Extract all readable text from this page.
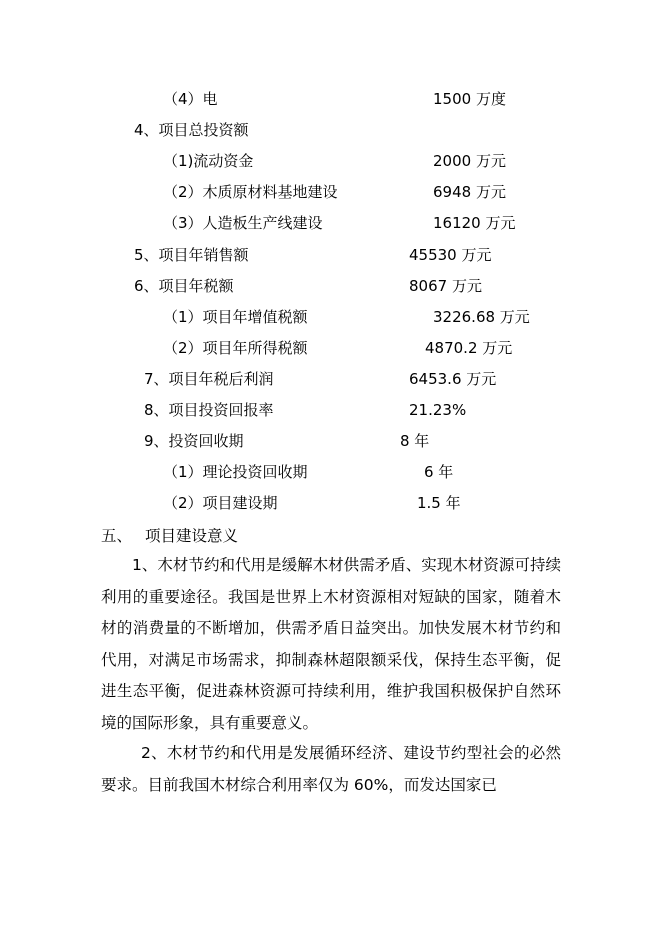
（4）电	1500 万度
4、项目总投资额
（1)流动资金	2000 万元
（2）木质原材料基地建设	6948 万元
（3）人造板生产线建设	16120 万元
5、项目年销售额	45530 万元
6、项目年税额	8067 万元
（1）项目年增值税额	3226.68 万元
（2）项目年所得税额	4870.2 万元
7、项目年税后利润	6453.6 万元
8、项目投资回报率	21.23%
9、投资回收期	8 年
（1）理论投资回收期	6 年
（2）项目建设期	1.5 年
五、 项目建设意义

1、木材节约和代用是缓解木材供需矛盾、实现木材资源可持续利用的重要途径。我国是世界上木材资源相对短缺的国家，随着木材的消费量的不断增加，供需矛盾日益突出。加快发展木材节约和代用，对满足市场需求，抑制森林超限额采伐，保持生态平衡，促进生态平衡，促进森林资源可持续利用，维护我国积极保护自然环境的国际形象，具有重要意义。

2、木材节约和代用是发展循环经济、建设节约型社会的必然要求。目前我国木材综合利用率仅为 60%，而发达国家已
